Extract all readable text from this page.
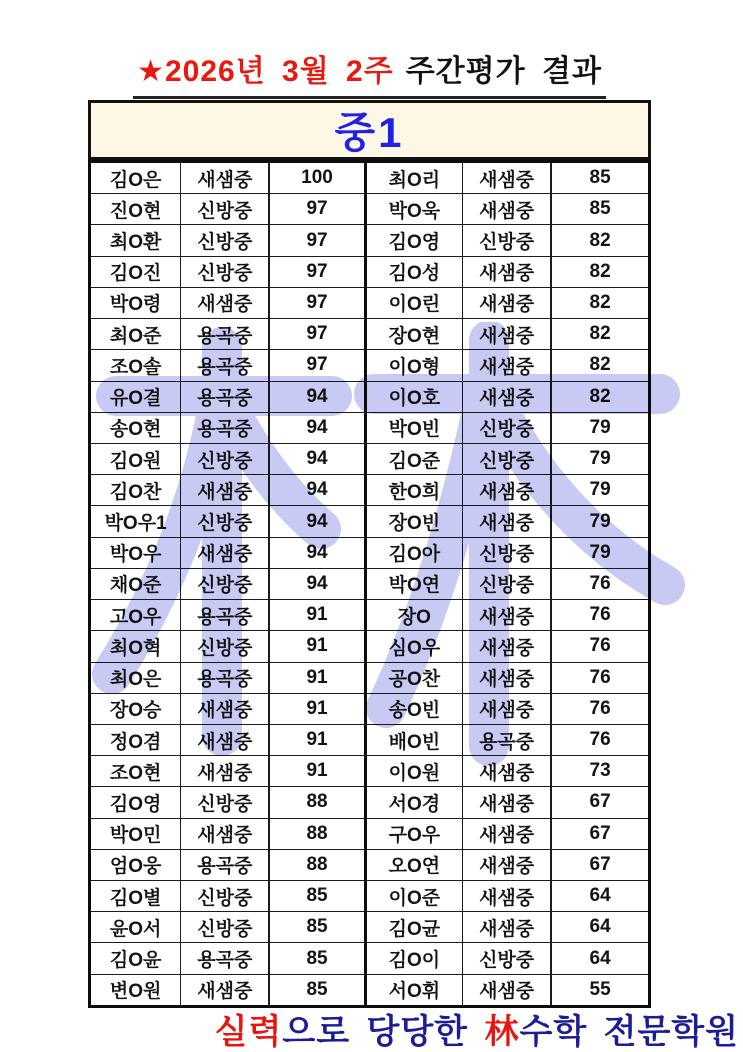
★2026년 3월 2주 주간평가 결과
중1
김O은	새샘중	100	최O리	새샘중	85
진O현	신방중	97	박O욱	새샘중	85
최O환	신방중	97	김O영	신방중	82
김O진	신방중	97	김O성	새샘중	82
박O령	새샘중	97	이O린	새샘중	82
최O준	용곡중	97	장O현	새샘중	82
조O솔	용곡중	97	이O형	새샘중	82
유O결	용곡중	94	이O호	새샘중	82
송O현	용곡중	94	박O빈	신방중	79
김O원	신방중	94	김O준	신방중	79
김O찬	새샘중	94	한O희	새샘중	79
박O우1	신방중	94	장O빈	새샘중	79
박O우	새샘중	94	김O아	신방중	79
채O준	신방중	94	박O연	신방중	76
고O우	용곡중	91	장O	새샘중	76
최O혁	신방중	91	심O우	새샘중	76
최O은	용곡중	91	공O찬	새샘중	76
장O승	새샘중	91	송O빈	새샘중	76
정O겸	새샘중	91	배O빈	용곡중	76
조O현	새샘중	91	이O원	새샘중	73
김O영	신방중	88	서O경	새샘중	67
박O민	새샘중	88	구O우	새샘중	67
엄O웅	용곡중	88	오O연	새샘중	67
김O별	신방중	85	이O준	새샘중	64
윤O서	신방중	85	김O균	새샘중	64
김O윤	용곡중	85	김O이	신방중	64
변O원	새샘중	85	서O휘	새샘중	55
실력으로 당당한 林수학 전문학원
